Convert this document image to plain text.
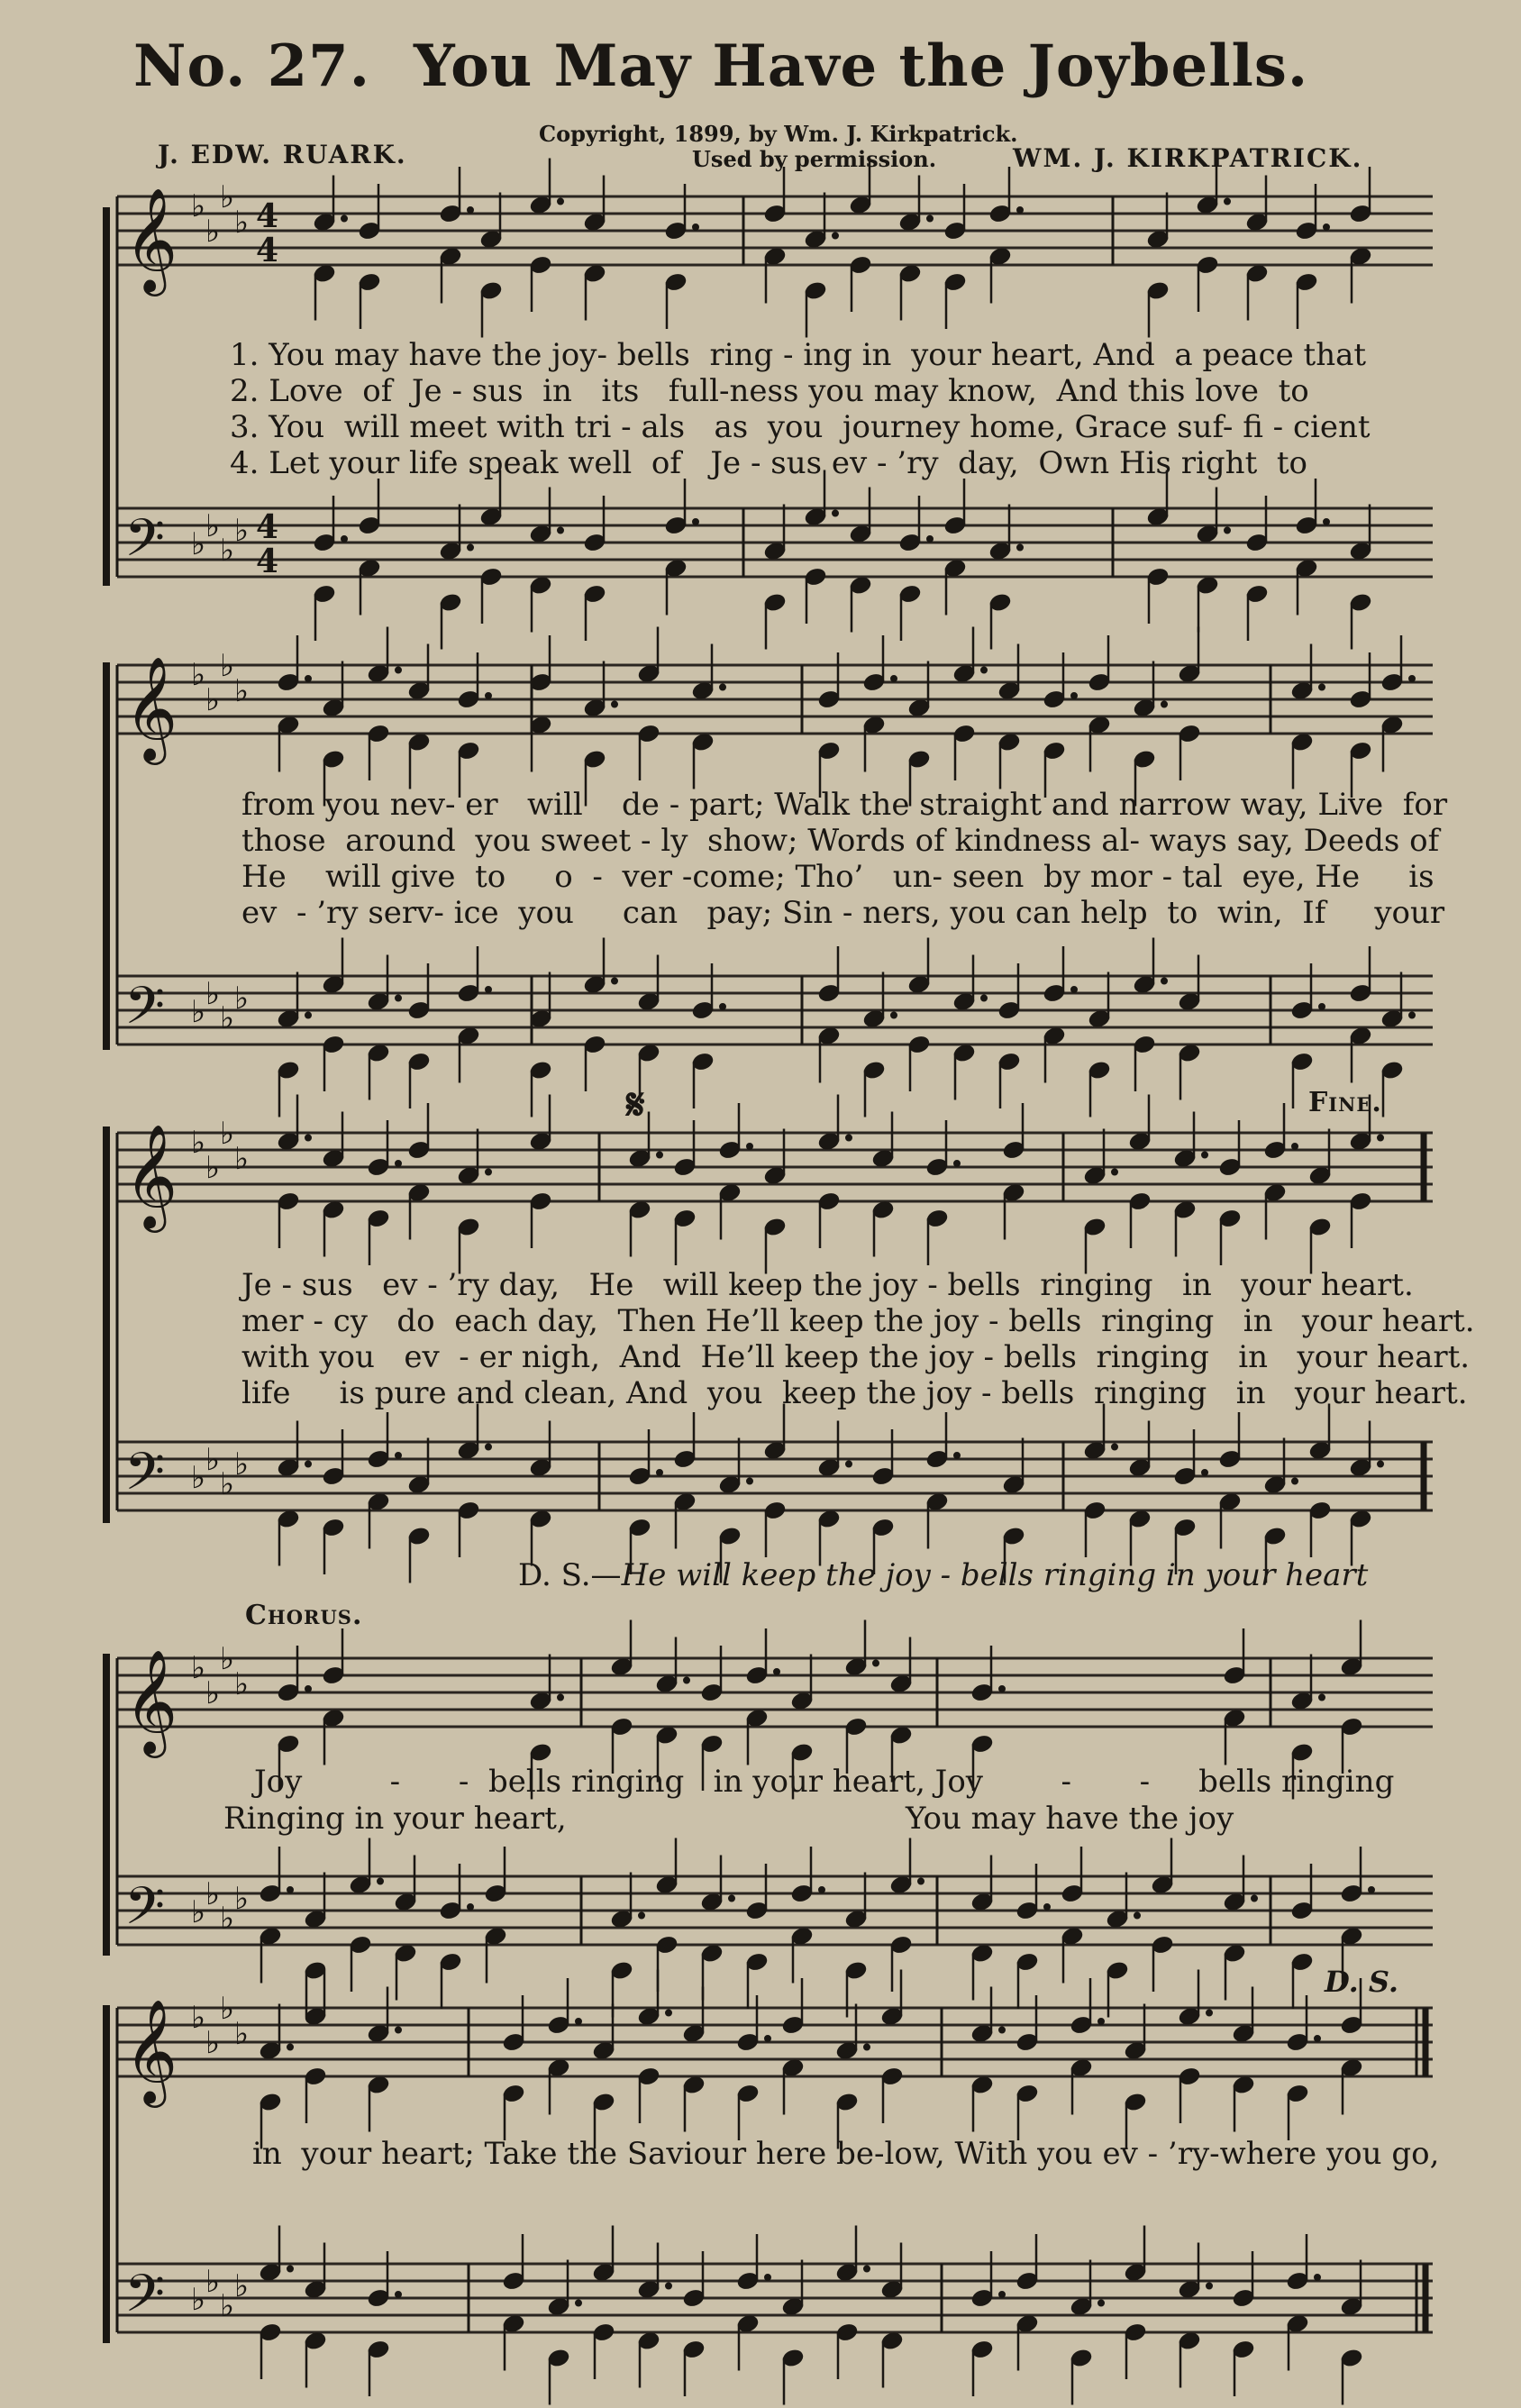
No. 27. You May Have the Joybells.
J. EDW. RUARK.
Copyright, 1899, by Wm. J. Kirkpatrick.
Used by permission.	WM. J. KIRKPATRICK.
𝄞
𝄢
𝄞
𝄢
𝄞
𝄢
𝄞
𝄢
𝄞
𝄢
♭
♭
♭
♭
♭ ♭
♭
♭
♭
♭
♭
♭
♭ ♭
♭
♭
♭
♭
♭
♭
♭ ♭
♭
♭
♭
♭
♭
♭
♭ ♭
♭
♭
♭
♭
♭
♭
♭ ♭
♭
♭
4
4
4
4
𝄋	Fine.
Chorus.
D. S.
1. You may have the joy- bells  ring - ing in  your heart, And  a peace that
2. Love  of  Je - sus  in   its   full-ness you may know,  And this love  to
3. You  will meet with tri - als   as  you  journey home, Grace suf- fi - cient
4. Let your life speak well  of   Je - sus ev - ’ry  day,  Own His right  to
from you nev- er   will    de - part; Walk the straight and narrow way, Live  for
those  around  you sweet - ly  show; Words of kindness al- ways say, Deeds of
He    will give  to     o  -  ver -come; Tho’   un- seen  by mor - tal  eye, He     is
ev  - ’ry serv- ice  you     can   pay; Sin - ners, you can help  to  win,  If     your
Je - sus   ev - ’ry day,   He   will keep the joy - bells  ringing   in   your heart.
mer - cy   do  each day,  Then He’ll keep the joy - bells  ringing   in   your heart.
with you   ev  - er nigh,  And  He’ll keep the joy - bells  ringing   in   your heart.
life     is pure and clean, And  you  keep the joy - bells  ringing   in   your heart.
D. S.—He will keep the joy - bells ringing in your heart
Joy         -      -  bells ringing   in your heart, Joy        -       -     bells ringing
Ringing in your heart,	You may have the joy
in  your heart; Take the Saviour here be-low, With you ev - ’ry-where you go,
